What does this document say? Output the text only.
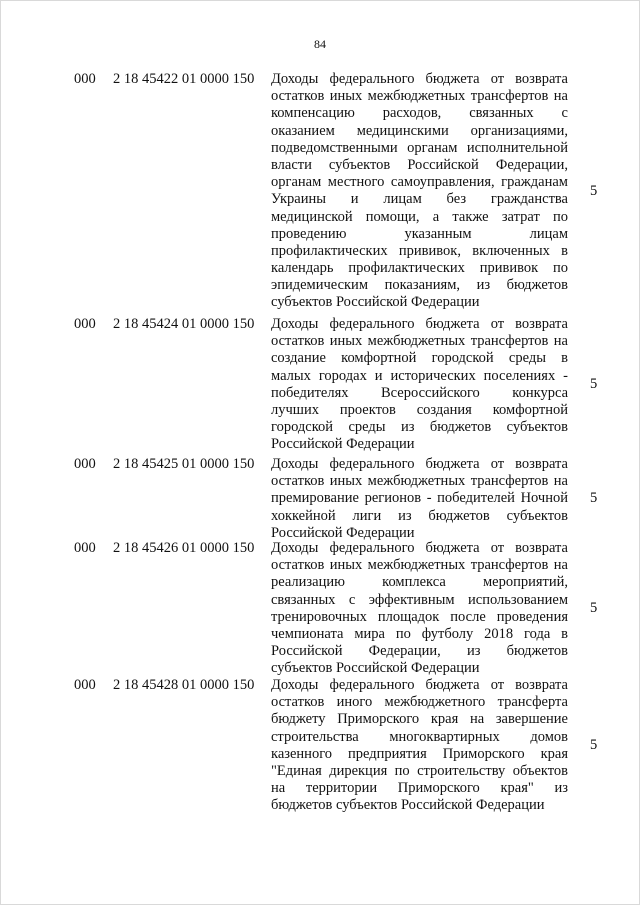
84
000 2 18 45422 01 0000 150 Доходы федерального бюджета от возврата
остатков иных межбюджетных трансфертов на
компенсацию расходов, связанных с
оказанием медицинскими организациями,
подведомственными органам исполнительной
власти субъектов Российской Федерации,
органам местного самоуправления, гражданам
Украины и лицам без гражданства
медицинской помощи, а также затрат по
проведению указанным лицам
профилактических прививок, включенных в
календарь профилактических прививок по
эпидемическим показаниям, из бюджетов
субъектов Российской Федерации
5
000 2 18 45424 01 0000 150 Доходы федерального бюджета от возврата
остатков иных межбюджетных трансфертов на
создание комфортной городской среды в
малых городах и исторических поселениях -
победителях Всероссийского конкурса
лучших проектов создания комфортной
городской среды из бюджетов субъектов
Российской Федерации
5
000 2 18 45425 01 0000 150 Доходы федерального бюджета от возврата
остатков иных межбюджетных трансфертов на
премирование регионов - победителей Ночной
хоккейной лиги из бюджетов субъектов
Российской Федерации
5
000 2 18 45426 01 0000 150 Доходы федерального бюджета от возврата
остатков иных межбюджетных трансфертов на
реализацию комплекса мероприятий,
связанных с эффективным использованием
тренировочных площадок после проведения
чемпионата мира по футболу 2018 года в
Российской Федерации, из бюджетов
субъектов Российской Федерации
5
000 2 18 45428 01 0000 150 Доходы федерального бюджета от возврата
остатков иного межбюджетного трансферта
бюджету Приморского края на завершение
строительства многоквартирных домов
казенного предприятия Приморского края
"Единая дирекция по строительству объектов
на территории Приморского края" из
бюджетов субъектов Российской Федерации
5
